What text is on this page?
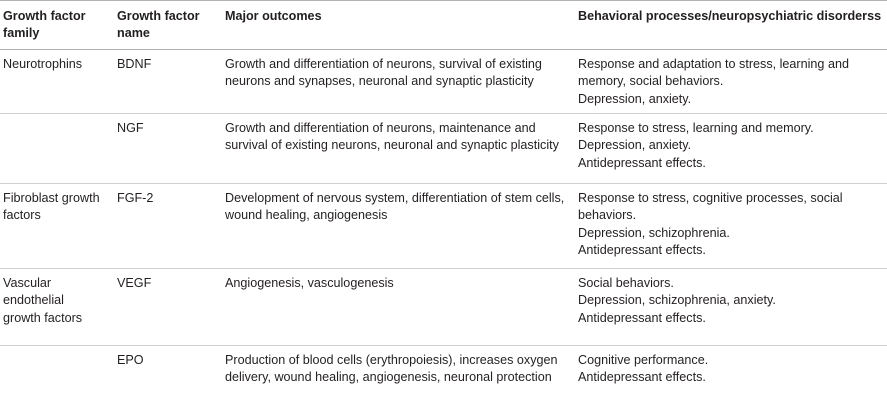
Growth factor family	Growth factor name	Major outcomes	Behavioral processes/neuropsychiatric disorderss
Neurotrophins	BDNF	Growth and differentiation of neurons, survival of existing neurons and synapses, neuronal and synaptic plasticity	Response and adaptation to stress, learning and memory, social behaviors.
Depression, anxiety.

	NGF	Growth and differentiation of neurons, maintenance and survival of existing neurons, neuronal and synaptic plasticity	Response to stress, learning and memory.
Depression, anxiety.
Antidepressant effects.

Fibroblast growth factors	FGF-2	Development of nervous system, differentiation of stem cells, wound healing, angiogenesis	Response to stress, cognitive processes, social behaviors.
Depression, schizophrenia.
Antidepressant effects.

Vascular endothelial growth factors	VEGF	Angiogenesis, vasculogenesis	Social behaviors.
Depression, schizophrenia, anxiety.
Antidepressant effects.

	EPO	Production of blood cells (erythropoiesis), increases oxygen delivery, wound healing, angiogenesis, neuronal protection	Cognitive performance.
Antidepressant effects.
